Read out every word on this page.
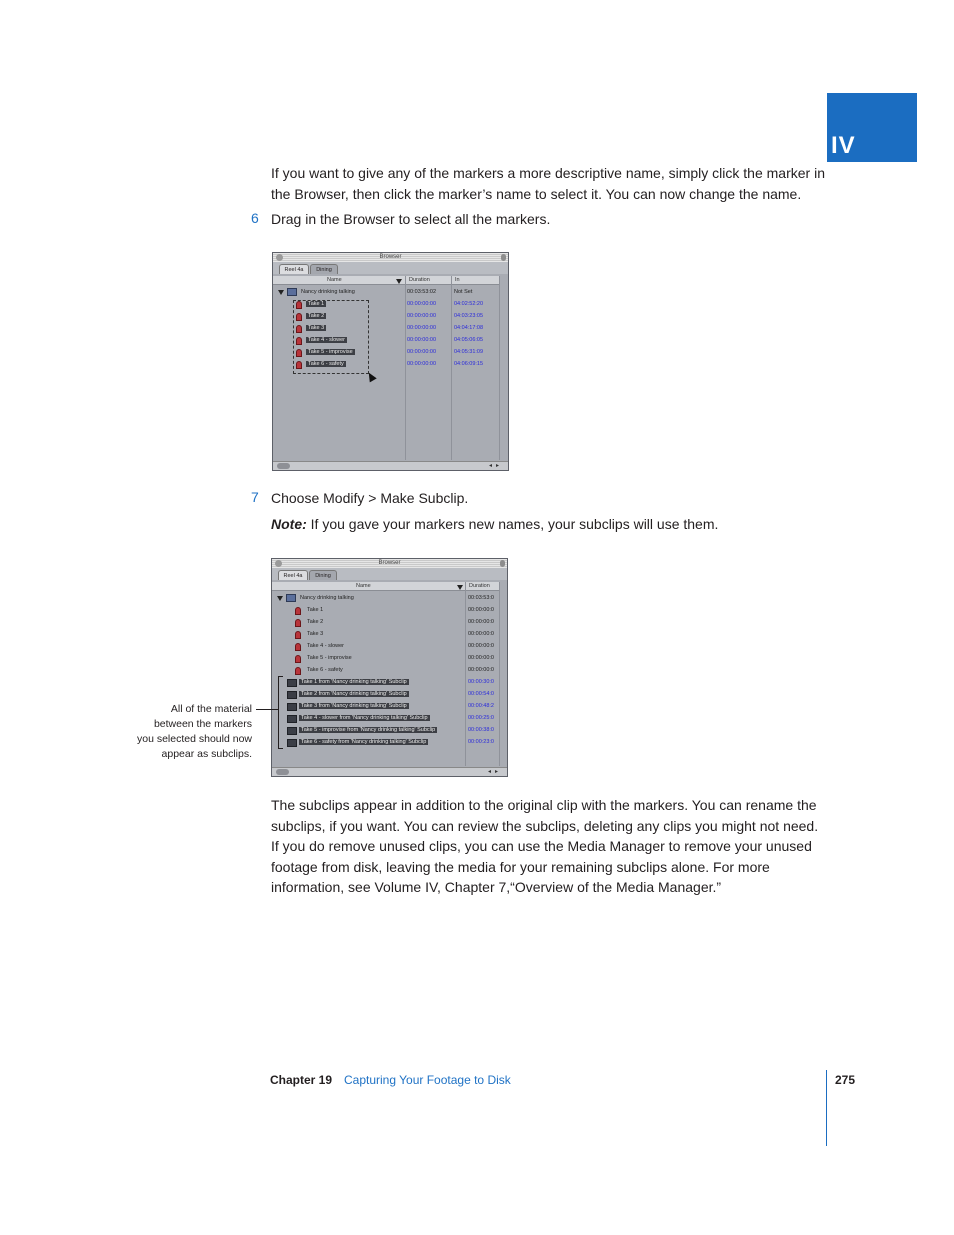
IV
If you want to give any of the markers a more descriptive name, simply click the marker in the Browser, then click the marker’s name to select it. You can now change the name.
6 Drag in the Browser to select all the markers.
Browser
Reel 4a	Dining
Name	Duration	In
Nancy drinking talking	00:03:53:02	Not Set
Take 1	00:00:00:00	04:02:52:20
Take 2	00:00:00:00	04:03:23:05
Take 3	00:00:00:00	04:04:17:08
Take 4 - slower	00:00:00:00	04:05:06:05
Take 5 - improvise	00:00:00:00	04:05:31:09
Take 6 - safety	00:00:00:00	04:06:09:15
◂ ▸
7 Choose Modify > Make Subclip.
Note: If you gave your markers new names, your subclips will use them.
Browser
Reel 4a	Dining
Name	Duration
Nancy drinking talking	00:03:53:0
Take 1	00:00:00:0
Take 2	00:00:00:0
Take 3	00:00:00:0
Take 4 - slower	00:00:00:0
Take 5 - improvise	00:00:00:0
Take 6 - safety	00:00:00:0
Take 1 from 'Nancy drinking talking' Subclip	00:00:30:0
Take 2 from 'Nancy drinking talking' Subclip	00:00:54:0
Take 3 from 'Nancy drinking talking' Subclip	00:00:48:2
Take 4 - slower from 'Nancy drinking talking' Subclip	00:00:25:0
Take 5 - improvise from 'Nancy drinking talking' Subclip	00:00:38:0
Take 6 - safety from 'Nancy drinking talking' Subclip	00:00:23:0
◂ ▸
All of the material
between the markers
you selected should now
appear as subclips.
The subclips appear in addition to the original clip with the markers. You can rename the subclips, if you want. You can review the subclips, deleting any clips you might not need. If you do remove unused clips, you can use the Media Manager to remove your unused footage from disk, leaving the media for your remaining subclips alone. For more information, see Volume IV, Chapter 7,“Overview of the Media Manager.”
Chapter 19 Capturing Your Footage to Disk	275
